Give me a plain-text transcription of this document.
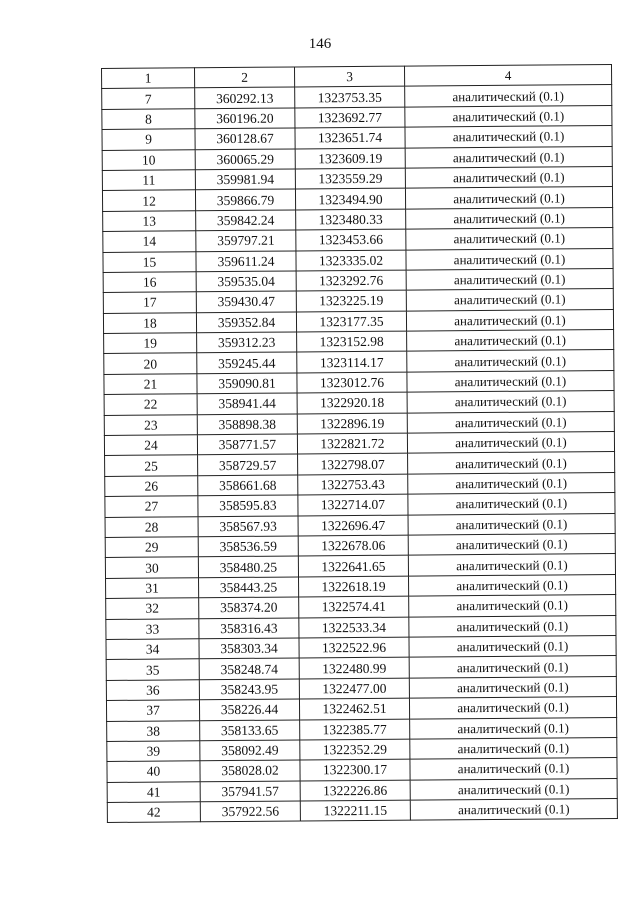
146
1	2	3	4
7	360292.13	1323753.35	аналитический (0.1)
8	360196.20	1323692.77	аналитический (0.1)
9	360128.67	1323651.74	аналитический (0.1)
10	360065.29	1323609.19	аналитический (0.1)
11	359981.94	1323559.29	аналитический (0.1)
12	359866.79	1323494.90	аналитический (0.1)
13	359842.24	1323480.33	аналитический (0.1)
14	359797.21	1323453.66	аналитический (0.1)
15	359611.24	1323335.02	аналитический (0.1)
16	359535.04	1323292.76	аналитический (0.1)
17	359430.47	1323225.19	аналитический (0.1)
18	359352.84	1323177.35	аналитический (0.1)
19	359312.23	1323152.98	аналитический (0.1)
20	359245.44	1323114.17	аналитический (0.1)
21	359090.81	1323012.76	аналитический (0.1)
22	358941.44	1322920.18	аналитический (0.1)
23	358898.38	1322896.19	аналитический (0.1)
24	358771.57	1322821.72	аналитический (0.1)
25	358729.57	1322798.07	аналитический (0.1)
26	358661.68	1322753.43	аналитический (0.1)
27	358595.83	1322714.07	аналитический (0.1)
28	358567.93	1322696.47	аналитический (0.1)
29	358536.59	1322678.06	аналитический (0.1)
30	358480.25	1322641.65	аналитический (0.1)
31	358443.25	1322618.19	аналитический (0.1)
32	358374.20	1322574.41	аналитический (0.1)
33	358316.43	1322533.34	аналитический (0.1)
34	358303.34	1322522.96	аналитический (0.1)
35	358248.74	1322480.99	аналитический (0.1)
36	358243.95	1322477.00	аналитический (0.1)
37	358226.44	1322462.51	аналитический (0.1)
38	358133.65	1322385.77	аналитический (0.1)
39	358092.49	1322352.29	аналитический (0.1)
40	358028.02	1322300.17	аналитический (0.1)
41	357941.57	1322226.86	аналитический (0.1)
42	357922.56	1322211.15	аналитический (0.1)
